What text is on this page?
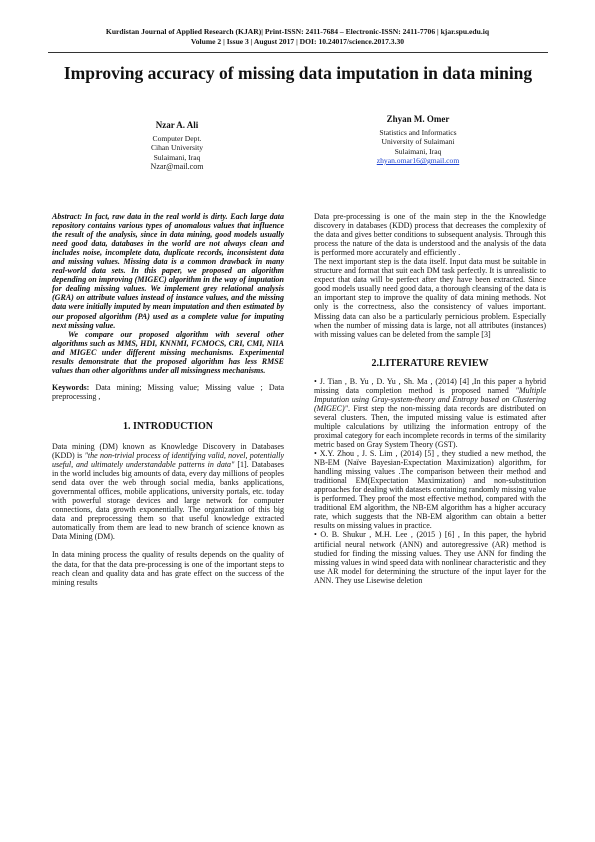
Kurdistan Journal of Applied Research (KJAR)| Print-ISSN: 2411-7684 – Electronic-ISSN: 2411-7706 | kjar.spu.edu.iq
Volume 2 | Issue 3 | August 2017 | DOI: 10.24017/science.2017.3.30
Improving accuracy of missing data imputation in data mining
Nzar A. Ali
Computer Dept.
Cihan University
Sulaimani, Iraq
Nzar@mail.com
Zhyan M. Omer
Statistics and Informatics
University of Sulaimani
Sulaimani, Iraq
zhyan.omar16@gmail.com

Abstract: In fact, raw data in the real world is dirty. Each large data repository contains various types of anomalous values that influence the result of the analysis, since in data mining, good models usually need good data, databases in the world are not always clean and includes noise, incomplete data, duplicate records, inconsistent data and missing values. Missing data is a common drawback in many real-world data sets. In this paper, we proposed an algorithm depending on improving (MIGEC) algorithm in the way of imputation for dealing missing values. We implement grey relational analysis (GRA) on attribute values instead of instance values, and the missing data were initially imputed by mean imputation and then estimated by our proposed algorithm (PA) used as a complete value for imputing next missing value.

We compare our proposed algorithm with several other algorithms such as MMS, HDI, KNNMI, FCMOCS, CRI, CMI, NIIA and MIGEC under different missing mechanisms. Experimental results demonstrate that the proposed algorithm has less RMSE values than other algorithms under all missingness mechanisms.

Keywords: Data mining; Missing value; Missing value ; Data preprocessing ,

1. INTRODUCTION

Data mining (DM) known as Knowledge Discovery in Databases (KDD) is "the non-trivial process of identifying valid, novel, potentially useful, and ultimately understandable patterns in data" [1]. Databases in the world includes big amounts of data, every day millions of peoples send data over the web through social media, banks applications, governmental offices, mobile applications, university portals, etc. today with powerful storage devices and large network for computer connections, data growth exponentially. The organization of this big data and preprocessing them so that useful knowledge extracted automatically from them are lead to new branch of science known as Data Mining (DM).

In data mining process the quality of results depends on the quality of the data, for that the data pre-processing is one of the important steps to reach clean and quality data and has grate effect on the success of the mining results

Data pre-processing is one of the main step in the the Knowledge discovery in databases (KDD) process that decreases the complexity of the data and gives better conditions to subsequent analysis. Through this process the nature of the data is understood and the analysis of the data is performed more accurately and efficiently .

The next important step is the data itself. Input data must be suitable in structure and format that suit each DM task perfectly. It is unrealistic to expect that data will be perfect after they have been extracted. Since good models usually need good data, a thorough cleansing of the data is an important step to improve the quality of data mining methods. Not only is the correctness, also the consistency of values important. Missing data can also be a particularly pernicious problem. Especially when the number of missing data is large, not all attributes (instances) with missing values can be deleted from the sample [3]

2.LITERATURE REVIEW

• J. Tian , B. Yu , D. Yu , Sh. Ma , (2014) [4] ,In this paper a hybrid missing data completion method is proposed named "Multiple Imputation using Gray-system-theory and Entropy based on Clustering (MIGEC)". First step the non-missing data records are distributed on several clusters. Then, the imputed missing value is estimated after multiple calculations by utilizing the information entropy of the proximal category for each incomplete records in terms of the similarity metric based on Gray System Theory (GST).

• X.Y. Zhou , J. S. Lim , (2014) [5] , they studied a new method, the NB-EM (Naïve Bayesian-Expectation Maximization) algorithm, for handling missing values .The comparison between their method and traditional EM(Expectation Maximization) and non-substitution approaches for dealing with datasets containing randomly missing value is performed. They proof the most effective method, compared with the traditional EM algorithm, the NB-EM algorithm has a higher accuracy rate, which suggests that the NB-EM algorithm can obtain a better results on missing values in practice.

• O. B. Shukur , M.H. Lee , (2015 ) [6] , In this paper, the hybrid artificial neural network (ANN) and autoregressive (AR) method is studied for finding the missing values. They use ANN for finding the missing values in wind speed data with nonlinear characteristic and they use AR model for determining the structure of the input layer for the ANN. They use Lisewise deletion
